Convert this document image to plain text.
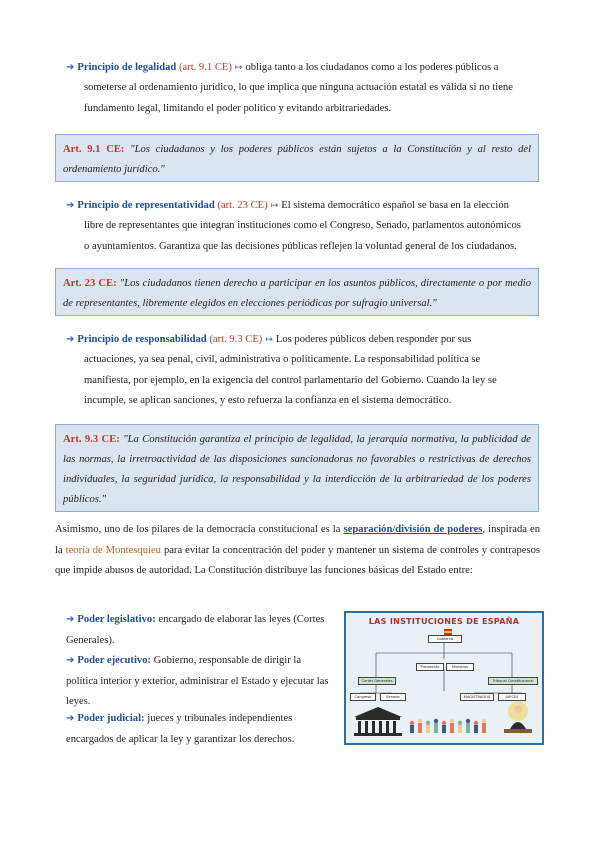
➔ Principio de legalidad (art. 9.1 CE) ↦ obliga tanto a los ciudadanos como a los poderes públicos a
someterse al ordenamiento jurídico, lo que implica que ninguna actuación estatal es válida si no tiene
fundamento legal, limitando el poder político y evitando arbitrariedades.
Art. 9.1 CE: "Los ciudadanos y los poderes públicos están sujetos a la Constitución y al resto del ordenamiento jurídico."
➔ Principio de representatividad (art. 23 CE) ↦ El sistema democrático español se basa en la elección
libre de representantes que integran instituciones como el Congreso, Senado, parlamentos autonómicos
o ayuntamientos. Garantiza que las decisiones públicas reflejen la voluntad general de los ciudadanos.
Art. 23 CE: "Los ciudadanos tienen derecho a participar en los asuntos públicos, directamente o por medio de representantes, libremente elegidos en elecciones periódicas por sufragio universal."
➔ Principio de responsabilidad (art. 9.3 CE) ↦ Los poderes públicos deben responder por sus
actuaciones, ya sea penal, civil, administrativa o políticamente. La responsabilidad política se
manifiesta, por ejemplo, en la exigencia del control parlamentario del Gobierno. Cuando la ley se
incumple, se aplican sanciones, y esto refuerza la confianza en el sistema democrático.
Art. 9.3 CE: "La Constitución garantiza el principio de legalidad, la jerarquía normativa, la publicidad de las normas, la irretroactividad de las disposiciones sancionadoras no favorables o restrictivas de derechos individuales, la seguridad jurídica, la responsabilidad y la interdicción de la arbitrariedad de los poderes públicos."
Asimismo, uno de los pilares de la democracia constitucional es la separación/división de poderes, inspirada en la teoría de Montesquieu para evitar la concentración del poder y mantener un sistema de controles y contrapesos que impide abusos de autoridad. La Constitución distribuye las funciones básicas del Estado entre:
➔ Poder legislativo: encargado de elaborar las leyes (Cortes Generales).
➔ Poder ejecutivo: Gobierno, responsable de dirigir la política interior y exterior, administrar el Estado y ejecutar las leyes.
➔ Poder judicial: jueces y tribunales independientes encargados de aplicar la ley y garantizar los derechos.
LAS INSTITUCIONES DE ESPAÑA
Gobierno
Presidente	Ministros
Cortes Generales	Tribunal Constitucional
Congreso	Senado	MAGISTRADOS	JUECES
